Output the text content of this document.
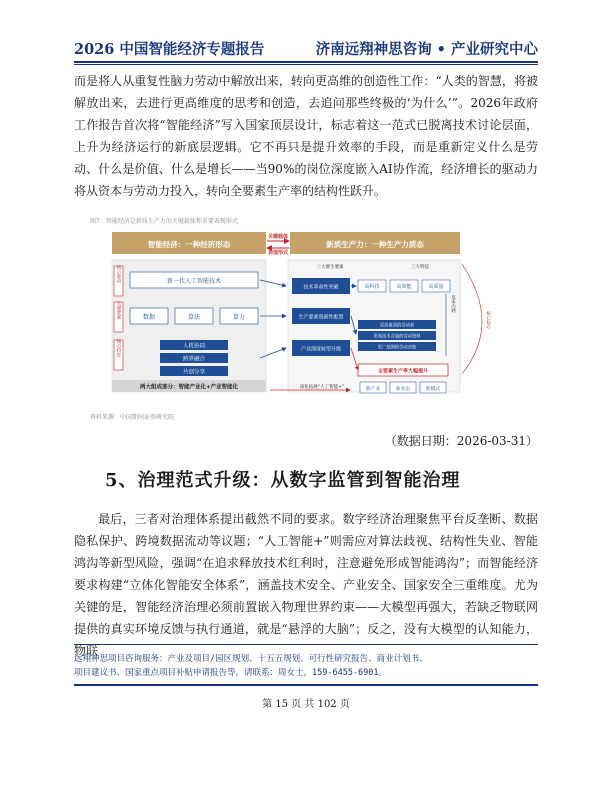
2026 中国智能经济专题报告	济南远翔神思咨询 • 产业研究中心

而是将人从重复性脑力劳动中解放出来，转向更高维的创造性工作：“人类的智慧，将被解放出来，去进行更高维度的思考和创造，去追问那些终极的‘为什么’”。2026年政府工作报告首次将“智能经济”写入国家顶层设计，标志着这一范式已脱离技术讨论层面，上升为经济运行的新底层逻辑。它不再只是提升效率的手段，而是重新定义什么是劳动、什么是价值、什么是增长——当90%的岗位深度嵌入AI协作流，经济增长的驱动力将从资本与劳动力投入，转向全要素生产率的结构性跃升。

图7：智能经济是新质生产力的关键载体和重要表现形式
智能经济：一种经济形态	新质生产力：一种生产力质态
关键载体
表现形式
核心驱动
关键要素
核心特征
新一代人工智能技术
数据	算法	算力
人机协同
跨界融合
共创分享
两大组成部分：智能产业化+产业智能化
三大催生要素	三大特征
技术革命性突破
生产要素创新性配置
产业深度转型升级
高科技	高效能	高质量
更高素质的劳动者
更高技术含量的劳动资料
更广范围的劳动对象
基本内涵
核心标志
全要素生产率大幅提升
深化拓展“人工智能+”	新产业	新业态	新模式
资料来源：中国期间证券研究院
（数据日期：2026-03-31）
5、治理范式升级：从数字监管到智能治理

最后，三者对治理体系提出截然不同的要求。数字经济治理聚焦平台反垄断、数据隐私保护、跨境数据流动等议题；“人工智能+”则需应对算法歧视、结构性失业、智能鸿沟等新型风险，强调“在追求释放技术红利时，注意避免形成智能鸿沟”；而智能经济要求构建“立体化智能安全体系”，涵盖技术安全、产业安全、国家安全三重维度。尤为关键的是，智能经济治理必须前置嵌入物理世界约束——大模型再强大，若缺乏物联网提供的真实环境反馈与执行通道，就是“悬浮的大脑”；反之，没有大模型的认知能力，物联

远翔神思项目咨询服务：产业及项目/园区规划、十五五规划、可行性研究报告、商业计划书、
项目建议书、国家重点项目补贴申请报告等，请联系：周女士，159-6455-6901。
第 15 页 共 102 页
